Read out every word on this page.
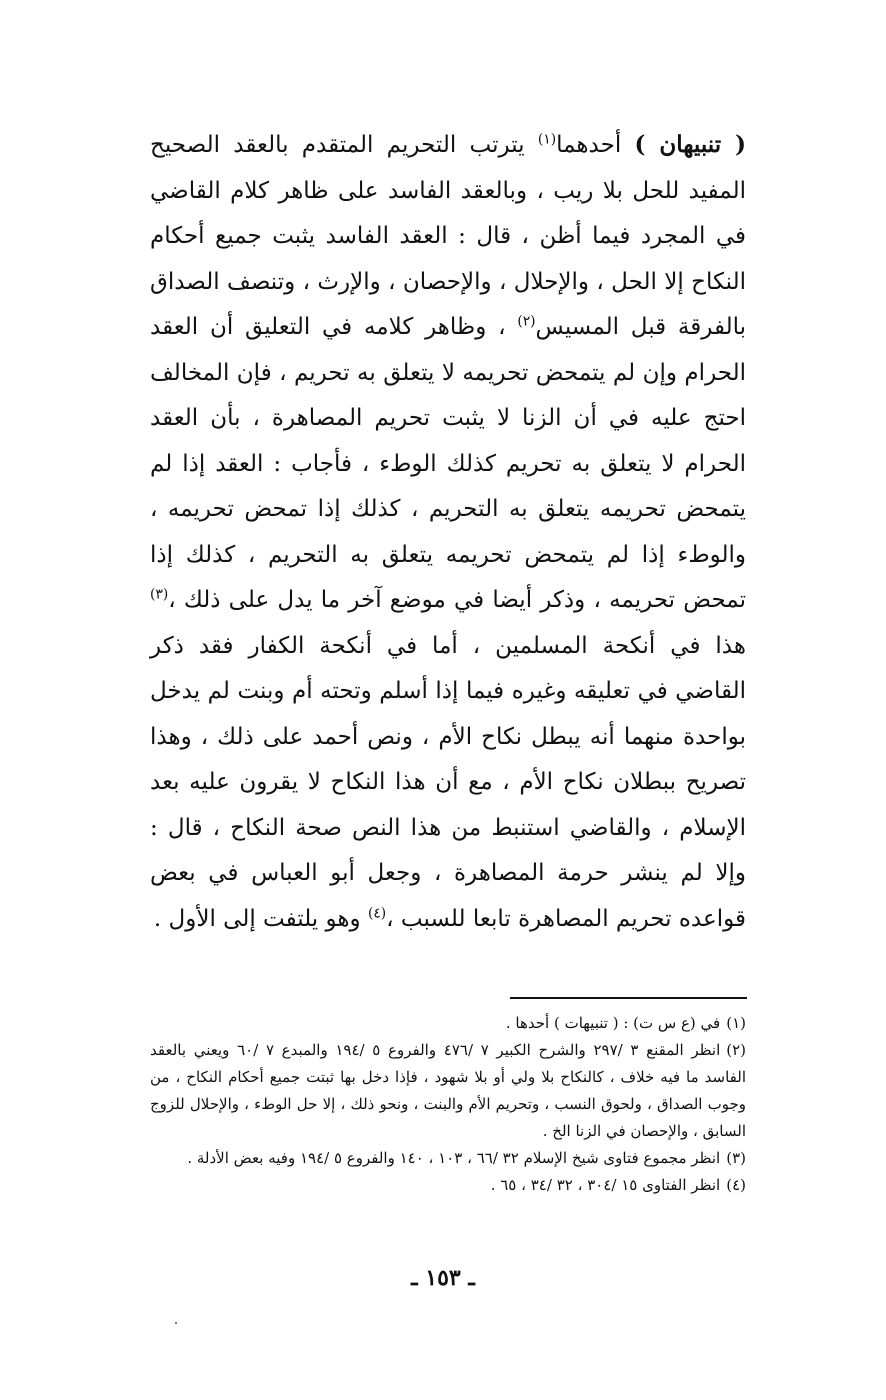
( تنبيهان ) أحدهما$^{(١)}$ يترتب التحريم المتقدم بالعقد الصحيح المفيد للحل بلا ريب ، وبالعقد الفاسد على ظاهر كلام القاضي في المجرد فيما أظن ، قال : العقد الفاسد يثبت جميع أحكام النكاح إلا الحل ، والإحلال ، والإحصان ، والإرث ، وتنصف الصداق بالفرقة قبل المسيس$^{(٢)}$ ، وظاهر كلامه في التعليق أن العقد الحرام وإن لم يتمحض تحريمه لا يتعلق به تحريم ، فإن المخالف احتج عليه في أن الزنا لا يثبت تحريم المصاهرة ، بأن العقد الحرام لا يتعلق به تحريم كذلك الوطء ، فأجاب : العقد إذا لم يتمحض تحريمه يتعلق به التحريم ، كذلك إذا تمحض تحريمه ، والوطء إذا لم يتمحض تحريمه يتعلق به التحريم ، كذلك إذا تمحض تحريمه ، وذكر أيضا في موضع آخر ما يدل على ذلك ،$^{(٣)}$ هذا في أنكحة المسلمين ، أما في أنكحة الكفار فقد ذكر القاضي في تعليقه وغيره فيما إذا أسلم وتحته أم وبنت لم يدخل بواحدة منهما أنه يبطل نكاح الأم ، ونص أحمد على ذلك ، وهذا تصريح ببطلان نكاح الأم ، مع أن هذا النكاح لا يقرون عليه بعد الإسلام ، والقاضي استنبط من هذا النص صحة النكاح ، قال : وإلا لم ينشر حرمة المصاهرة ، وجعل أبو العباس في بعض قواعده تحريم المصاهرة تابعا للسبب ،$^{(٤)}$ وهو يلتفت إلى الأول .

(١)في (ع س ت) : ( تنبيهات ) أحدها .

(٢)انظر المقنع ٣ /٢٩٧ والشرح الكبير ٧ /٤٧٦ والفروع ٥ /١٩٤ والمبدع ٧ /٦٠ ويعني بالعقد الفاسد ما فيه خلاف ، كالنكاح بلا ولي أو بلا شهود ، فإذا دخل بها ثبتت جميع أحكام النكاح ، من وجوب الصداق ، ولحوق النسب ، وتحريم الأم والبنت ، ونحو ذلك ، إلا حل الوطء ، والإحلال للزوج السابق ، والإحصان في الزنا الخ .

(٣)انظر مجموع فتاوى شيخ الإسلام ٣٢ /٦٦ ، ١٠٣ ، ١٤٠ والفروع ٥ /١٩٤ وفيه بعض الأدلة .

(٤)انظر الفتاوى ١٥ /٣٠٤ ، ٣٢ /٣٤ ، ٦٥ .

ـ ١٥٣ ـ
